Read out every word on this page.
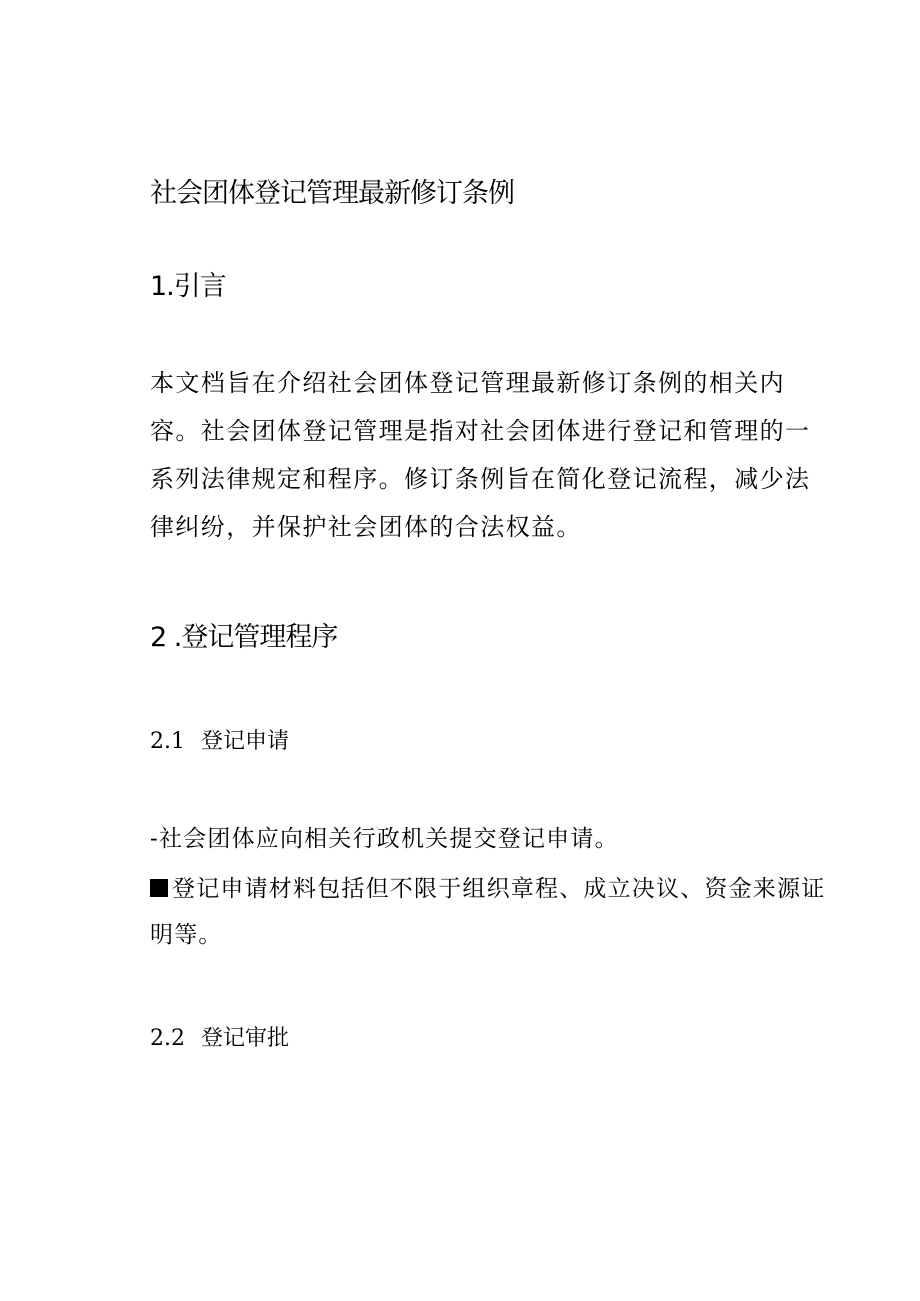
社会团体登记管理最新修订条例
1.引言

本文档旨在介绍社会团体登记管理最新修订条例的相关内容。社会团体登记管理是指对社会团体进行登记和管理的一系列法律规定和程序。修订条例旨在简化登记流程，减少法律纠纷，并保护社会团体的合法权益。

2 .登记管理程序
2.1 登记申请

-社会团体应向相关行政机关提交登记申请。

登记申请材料包括但不限于组织章程、成立决议、资金来源证明等。

2.2 登记审批
